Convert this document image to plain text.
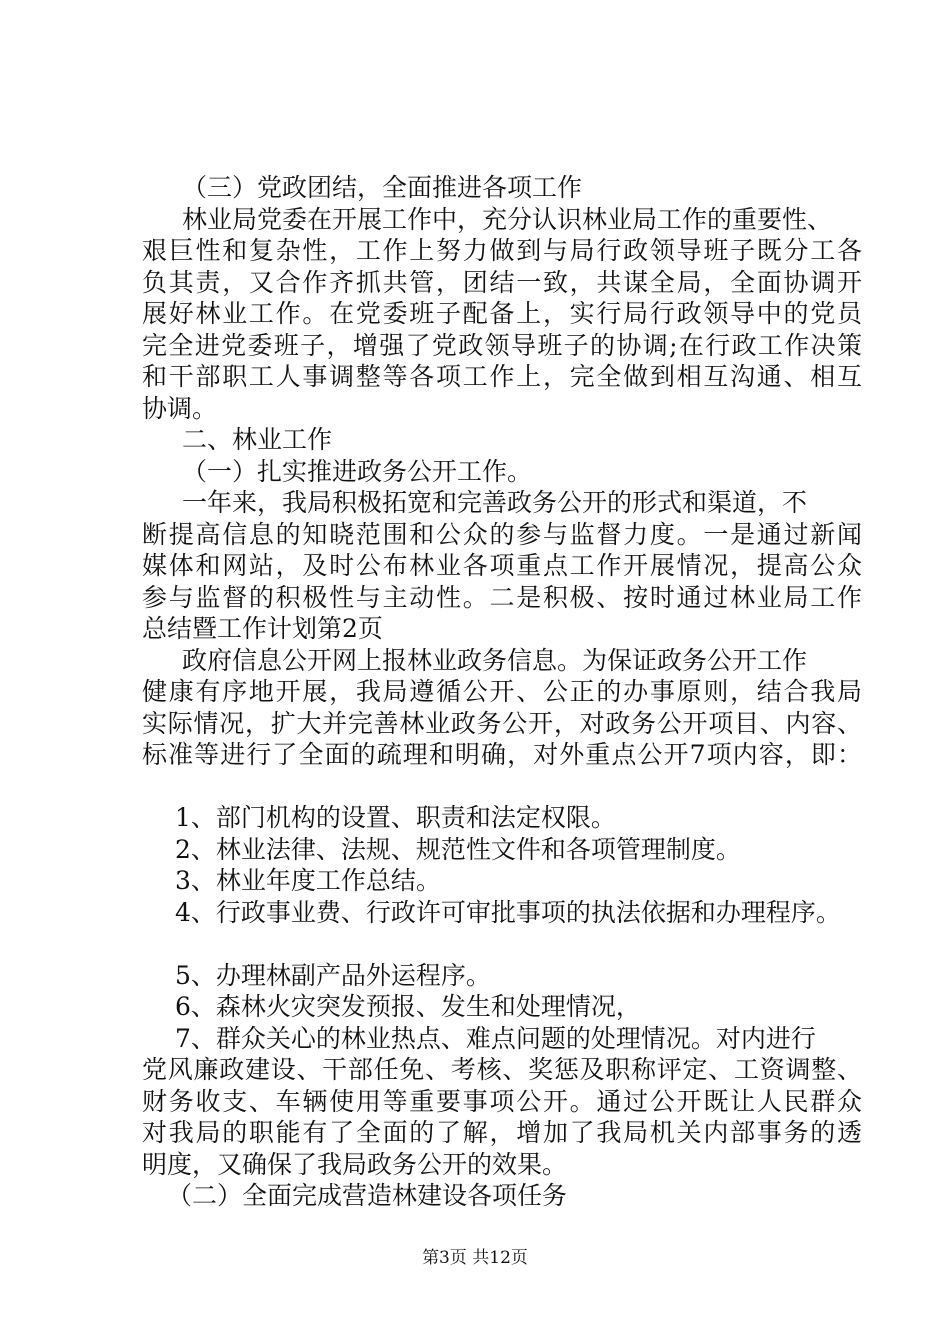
（三）党政团结，全面推进各项工作
林业局党委在开展工作中，充分认识林业局工作的重要性、
艰巨性和复杂性，工作上努力做到与局行政领导班子既分工各
负其责，又合作齐抓共管，团结一致，共谋全局，全面协调开
展好林业工作。在党委班子配备上，实行局行政领导中的党员
完全进党委班子，增强了党政领导班子的协调;在行政工作决策
和干部职工人事调整等各项工作上，完全做到相互沟通、相互
协调。
二、林业工作
（一）扎实推进政务公开工作。
一年来，我局积极拓宽和完善政务公开的形式和渠道，不
断提高信息的知晓范围和公众的参与监督力度。一是通过新闻
媒体和网站，及时公布林业各项重点工作开展情况，提高公众
参与监督的积极性与主动性。二是积极、按时通过林业局工作
总结暨工作计划第2页
政府信息公开网上报林业政务信息。为保证政务公开工作
健康有序地开展，我局遵循公开、公正的办事原则，结合我局
实际情况，扩大并完善林业政务公开，对政务公开项目、内容、
标准等进行了全面的疏理和明确，对外重点公开7项内容，即：
1、部门机构的设置、职责和法定权限。
2、林业法律、法规、规范性文件和各项管理制度。
3、林业年度工作总结。
4、行政事业费、行政许可审批事项的执法依据和办理程序。
5、办理林副产品外运程序。
6、森林火灾突发预报、发生和处理情况，
7、群众关心的林业热点、难点问题的处理情况。对内进行
党风廉政建设、干部任免、考核、奖惩及职称评定、工资调整、
财务收支、车辆使用等重要事项公开。通过公开既让人民群众
对我局的职能有了全面的了解，增加了我局机关内部事务的透
明度，又确保了我局政务公开的效果。
（二）全面完成营造林建设各项任务
第3页 共12页
